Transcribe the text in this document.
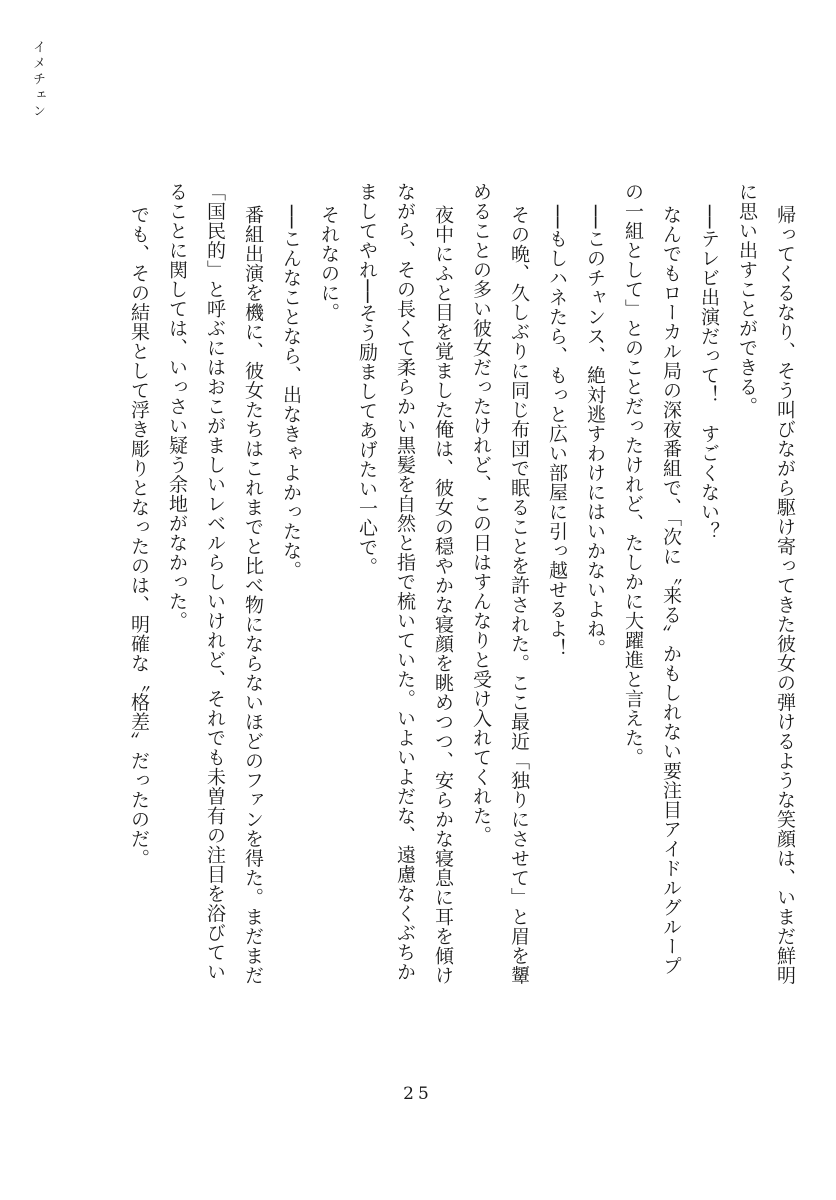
イメチェン

帰ってくるなり、そう叫びながら駆け寄ってきた彼女の弾けるような笑顔は、いまだ鮮明

に思い出すことができる。

──テレビ出演だって！　すごくない？

なんでもローカル局の深夜番組で、「次に〝来る〟かもしれない要注目アイドルグループ

の一組として」とのことだったけれど、たしかに大躍進と言えた。

──このチャンス、絶対逃すわけにはいかないよね。

──もしハネたら、もっと広い部屋に引っ越せるよ！

その晩、久しぶりに同じ布団で眠ることを許された。ここ最近「独りにさせて」と眉を顰

めることの多い彼女だったけれど、この日はすんなりと受け入れてくれた。

夜中にふと目を覚ました俺は、彼女の穏やかな寝顔を眺めつつ、安らかな寝息に耳を傾け

ながら、その長くて柔らかい黒髪を自然と指で梳いていた。いよいよだな、遠慮なくぶちか

ましてやれ──そう励ましてあげたい一心で。

それなのに。

──こんなことなら、出なきゃよかったな。

番組出演を機に、彼女たちはこれまでと比べ物にならないほどのファンを得た。まだまだ

「国民的」と呼ぶにはおこがましいレベルらしいけれど、それでも未曽有の注目を浴びてい

ることに関しては、いっさい疑う余地がなかった。

でも、その結果として浮き彫りとなったのは、明確な〝格差〟だったのだ。

25
